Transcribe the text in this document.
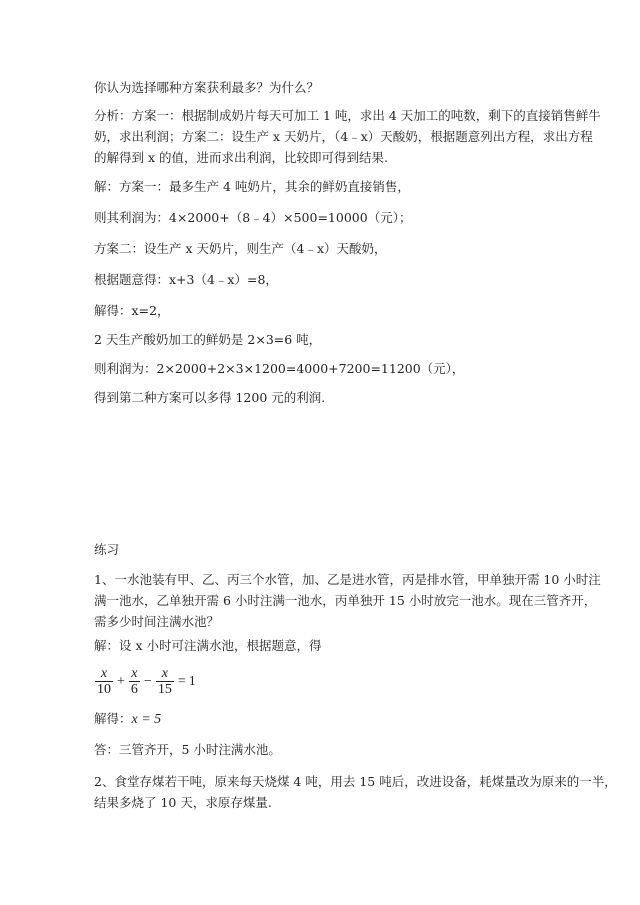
你认为选择哪种方案获利最多？为什么？
分析：方案一：根据制成奶片每天可加工 1 吨，求出 4 天加工的吨数，剩下的直接销售鲜牛
奶，求出利润；方案二：设生产 x 天奶片，（4﹣x）天酸奶，根据题意列出方程，求出方程
的解得到 x 的值，进而求出利润，比较即可得到结果.
解：方案一：最多生产 4 吨奶片，其余的鲜奶直接销售，
则其利润为：4×2000+（8﹣4）×500=10000（元）；
方案二：设生产 x 天奶片，则生产（4﹣x）天酸奶，
根据题意得：x+3（4﹣x）=8，
解得：x=2，
2 天生产酸奶加工的鲜奶是 2×3=6 吨，
则利润为：2×2000+2×3×1200=4000+7200=11200（元），
得到第二种方案可以多得 1200 元的利润.
练习
1、一水池装有甲、乙、丙三个水管，加、乙是进水管，丙是排水管，甲单独开需 10 小时注
满一池水，乙单独开需 6 小时注满一池水，丙单独开 15 小时放完一池水。现在三管齐开，
需多少时间注满水池？
解：设 x 小时可注满水池，根据题意，得
$\frac{x}{10} + \frac{x}{6} - \frac{x}{15} = 1$
解得：x = 5
答：三管齐开，5 小时注满水池。
2、食堂存煤若干吨，原来每天烧煤 4 吨，用去 15 吨后，改进设备，耗煤量改为原来的一半，
结果多烧了 10 天，求原存煤量.
